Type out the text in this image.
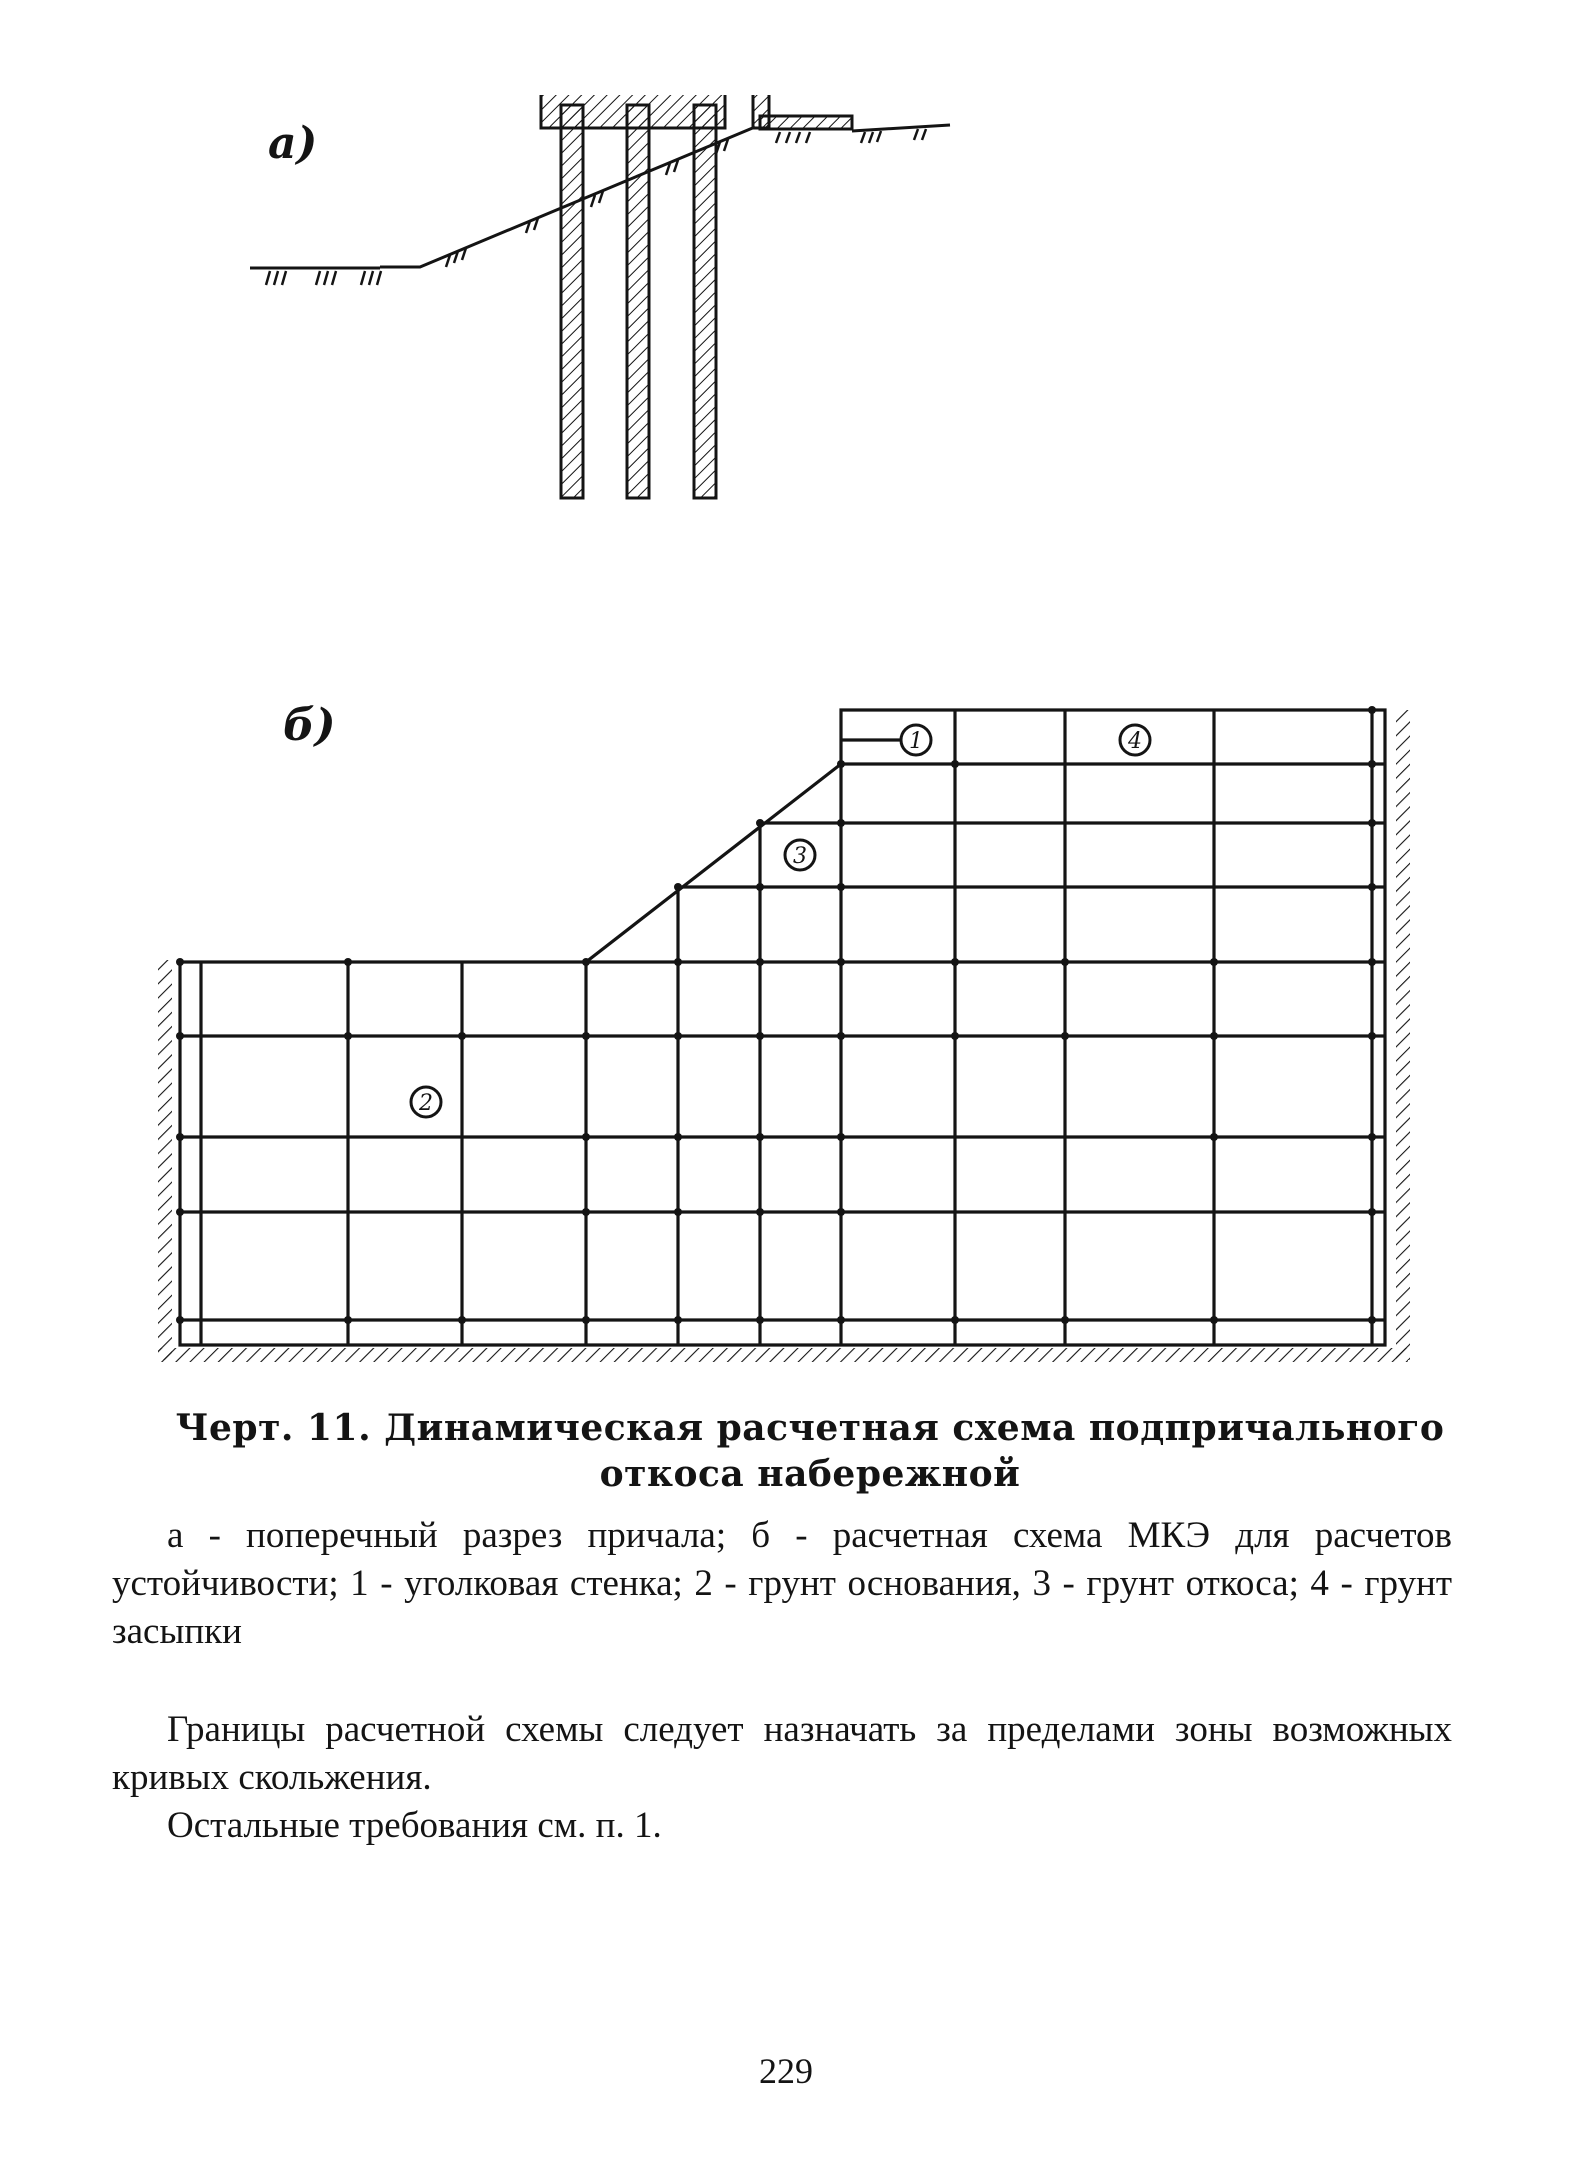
а)
б)	1	4
3
2
Черт. 11. Динамическая расчетная схема подпричального откоса набережной
а - поперечный разрез причала; б - расчетная схема МКЭ для расчетов устойчивости; 1 - уголковая стенка; 2 - грунт основания, 3 - грунт откоса; 4 - грунт засыпки
Границы расчетной схемы следует назначать за пределами зоны возможных кривых скольжения.
Остальные требования см. п. 1.
229
